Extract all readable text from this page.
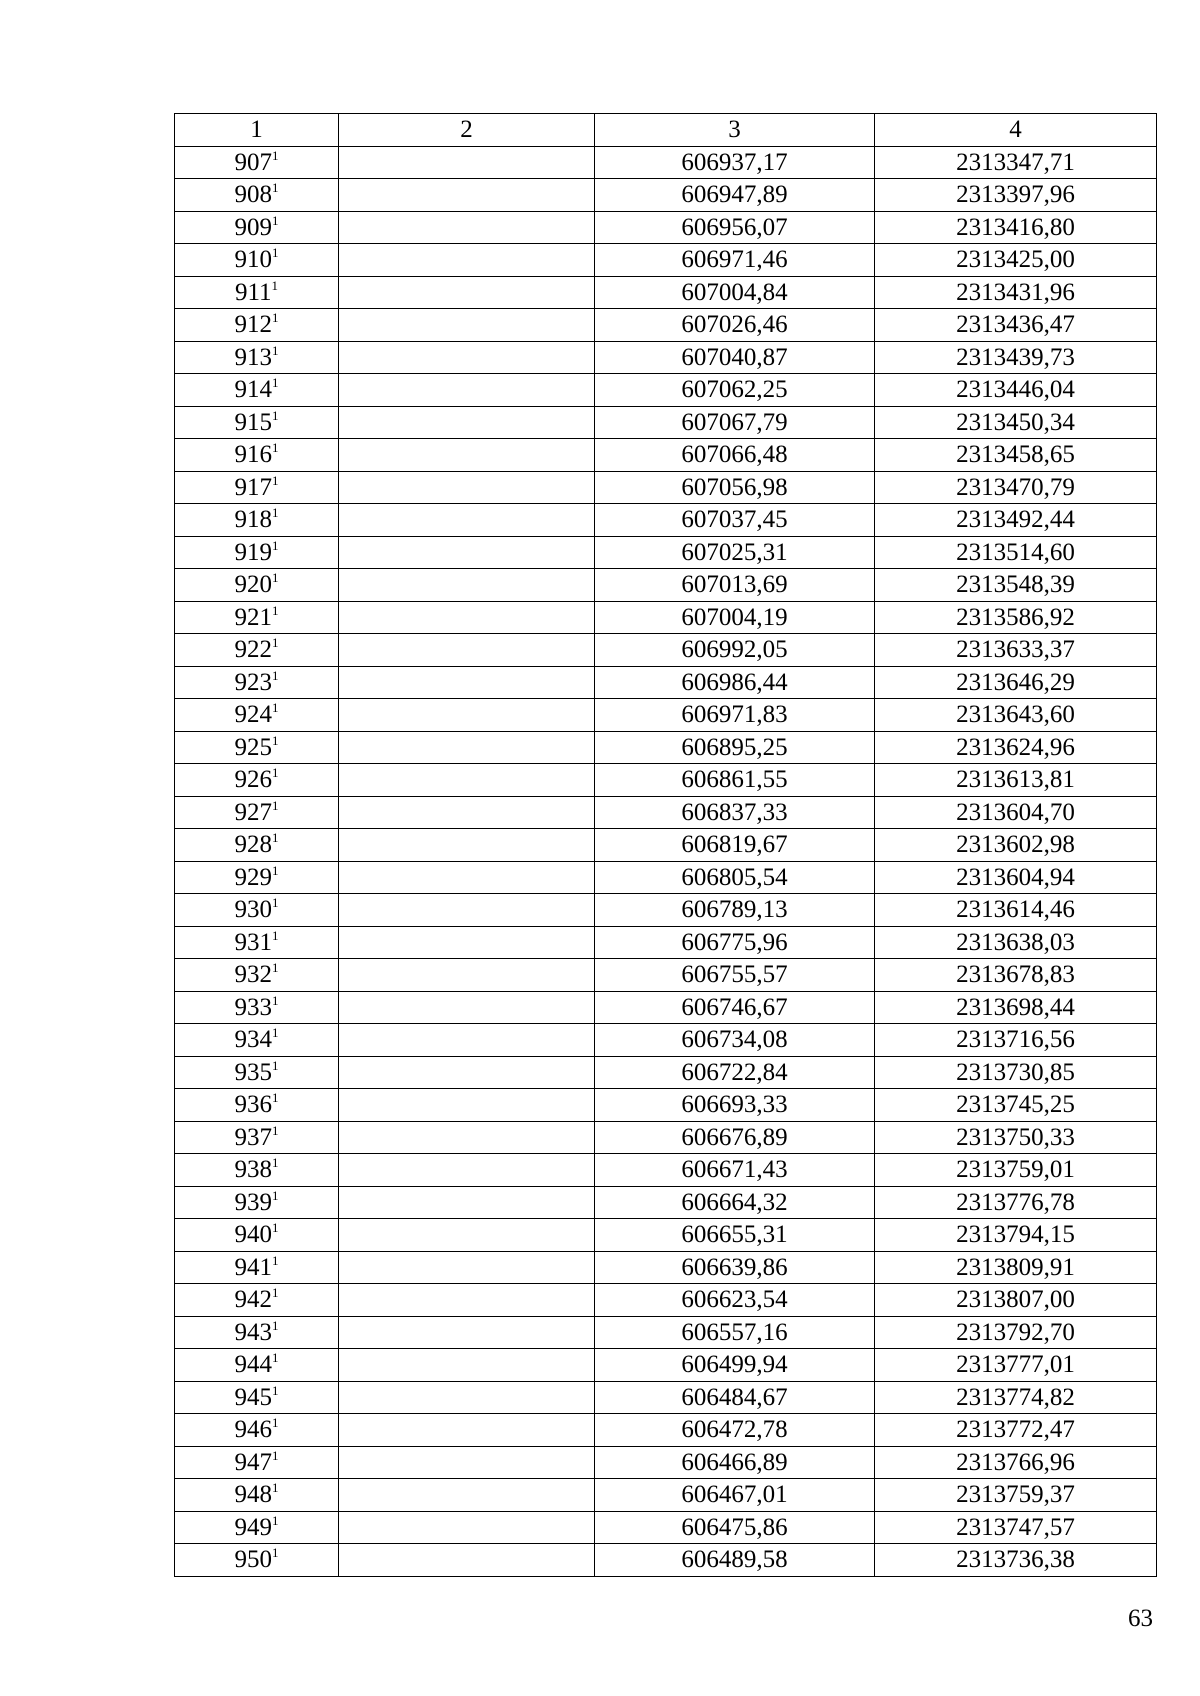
1	2	3	4
$907^1$		606937,17	2313347,71
$908^1$		606947,89	2313397,96
$909^1$		606956,07	2313416,80
$910^1$		606971,46	2313425,00
$911^1$		607004,84	2313431,96
$912^1$		607026,46	2313436,47
$913^1$		607040,87	2313439,73
$914^1$		607062,25	2313446,04
$915^1$		607067,79	2313450,34
$916^1$		607066,48	2313458,65
$917^1$		607056,98	2313470,79
$918^1$		607037,45	2313492,44
$919^1$		607025,31	2313514,60
$920^1$		607013,69	2313548,39
$921^1$		607004,19	2313586,92
$922^1$		606992,05	2313633,37
$923^1$		606986,44	2313646,29
$924^1$		606971,83	2313643,60
$925^1$		606895,25	2313624,96
$926^1$		606861,55	2313613,81
$927^1$		606837,33	2313604,70
$928^1$		606819,67	2313602,98
$929^1$		606805,54	2313604,94
$930^1$		606789,13	2313614,46
$931^1$		606775,96	2313638,03
$932^1$		606755,57	2313678,83
$933^1$		606746,67	2313698,44
$934^1$		606734,08	2313716,56
$935^1$		606722,84	2313730,85
$936^1$		606693,33	2313745,25
$937^1$		606676,89	2313750,33
$938^1$		606671,43	2313759,01
$939^1$		606664,32	2313776,78
$940^1$		606655,31	2313794,15
$941^1$		606639,86	2313809,91
$942^1$		606623,54	2313807,00
$943^1$		606557,16	2313792,70
$944^1$		606499,94	2313777,01
$945^1$		606484,67	2313774,82
$946^1$		606472,78	2313772,47
$947^1$		606466,89	2313766,96
$948^1$		606467,01	2313759,37
$949^1$		606475,86	2313747,57
$950^1$		606489,58	2313736,38
63
